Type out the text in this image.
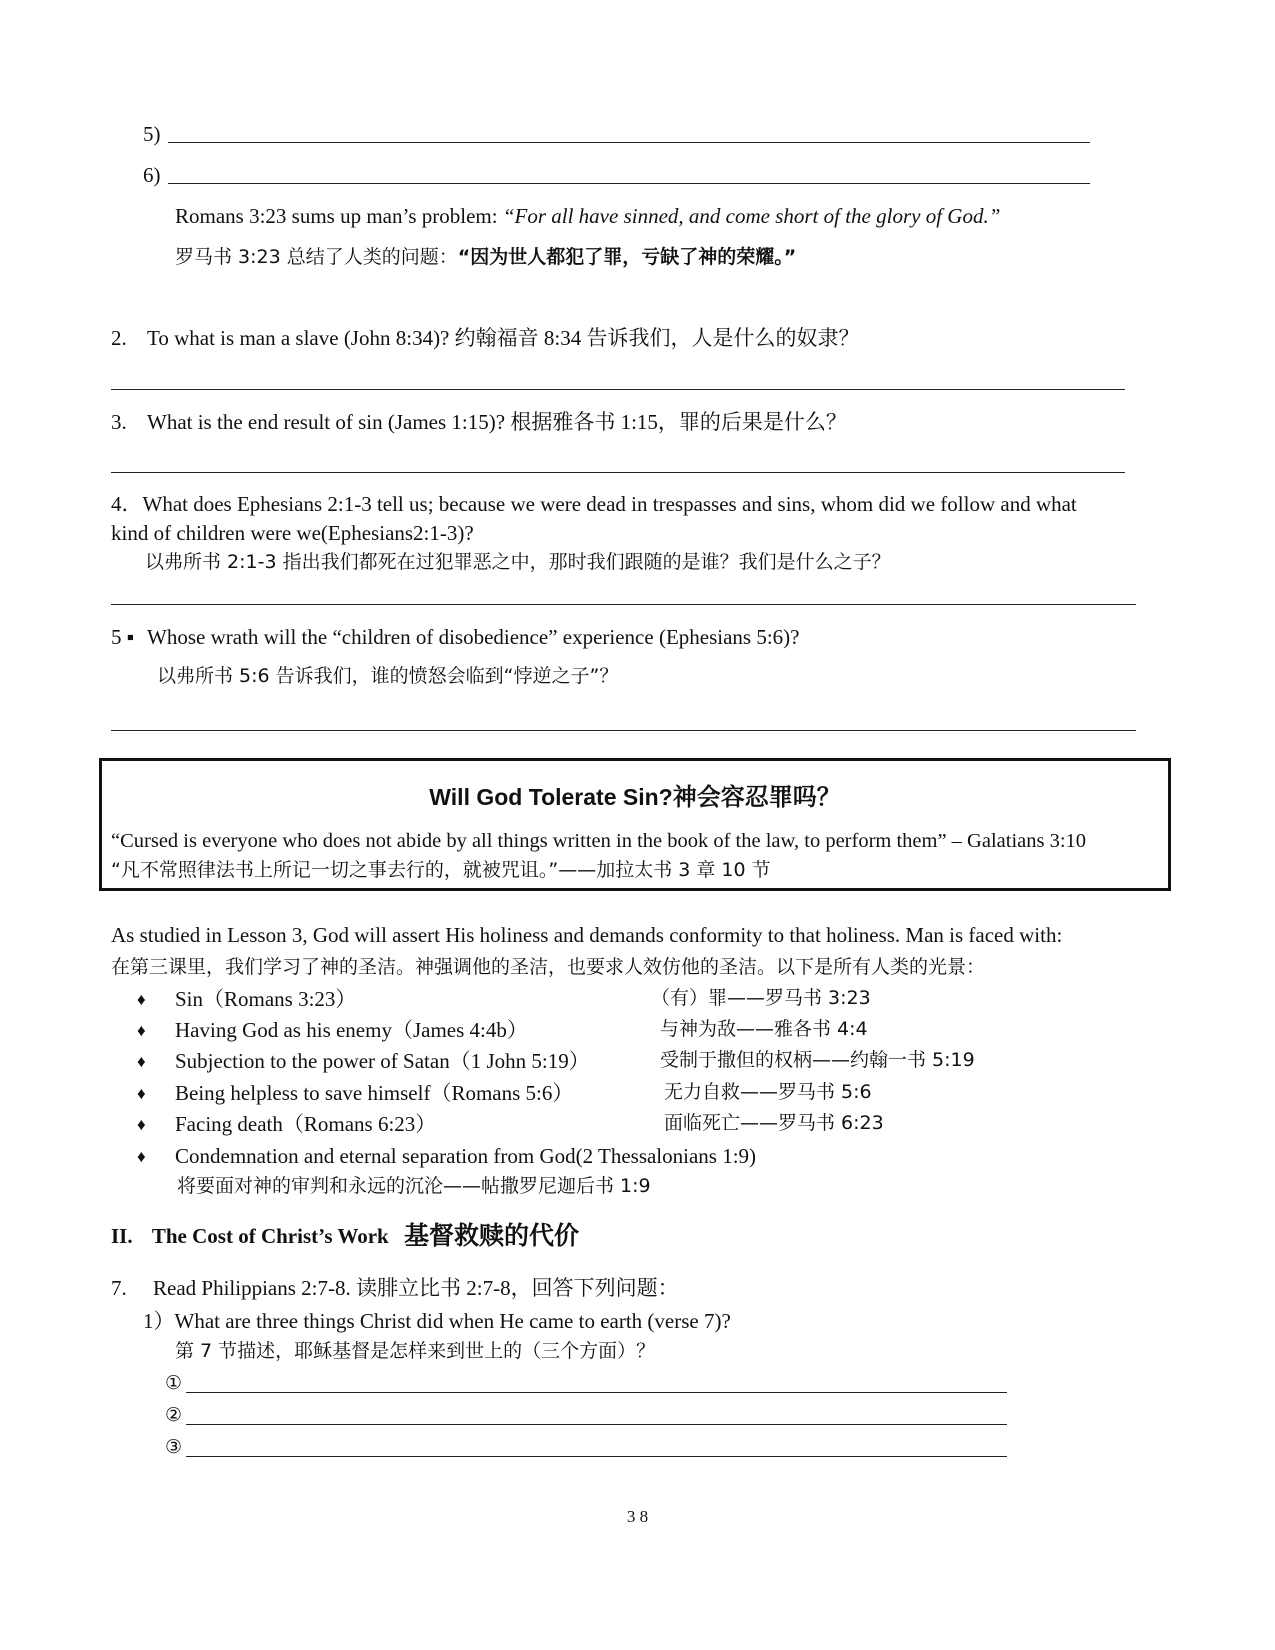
5)
6)
Romans 3:23 sums up man’s problem: “For all have sinned, and come short of the glory of God.”
罗马书 3:23 总结了人类的问题：“因为世人都犯了罪，亏缺了神的荣耀。”
2. To what is man a slave (John 8:34)? 约翰福音 8:34 告诉我们，人是什么的奴隶？
3. What is the end result of sin (James 1:15)? 根据雅各书 1:15，罪的后果是什么？
4．What does Ephesians 2:1-3 tell us; because we were dead in trespasses and sins, whom did we follow and what
kind of children were we(Ephesians2:1-3)?
以弗所书 2:1-3 指出我们都死在过犯罪恶之中，那时我们跟随的是谁？我们是什么之子？
5 ▪ Whose wrath will the “children of disobedience” experience (Ephesians 5:6)?
以弗所书 5:6 告诉我们，谁的愤怒会临到“悖逆之子”？
Will God Tolerate Sin?神会容忍罪吗？
“Cursed is everyone who does not abide by all things written in the book of the law, to perform them” – Galatians 3:10
“凡不常照律法书上所记一切之事去行的，就被咒诅。”——加拉太书 3 章 10 节
As studied in Lesson 3, God will assert His holiness and demands conformity to that holiness. Man is faced with:
在第三课里，我们学习了神的圣洁。神强调他的圣洁，也要求人效仿他的圣洁。以下是所有人类的光景：
♦ Sin（Romans 3:23）	（有）罪——罗马书 3:23
♦ Having God as his enemy（James 4:4b）	与神为敌——雅各书 4:4
♦ Subjection to the power of Satan（1 John 5:19）	受制于撒但的权柄——约翰一书 5:19
♦ Being helpless to save himself（Romans 5:6）	无力自救——罗马书 5:6
♦ Facing death（Romans 6:23）	面临死亡——罗马书 6:23
♦ Condemnation and eternal separation from God(2 Thessalonians 1:9)
将要面对神的审判和永远的沉沦——帖撒罗尼迦后书 1:9
II. The Cost of Christ’s Work 基督救赎的代价
7. Read Philippians 2:7-8. 读腓立比书 2:7-8，回答下列问题：
1）What are three things Christ did when He came to earth (verse 7)?
第 7 节描述，耶稣基督是怎样来到世上的（三个方面）？
①
②
③
3 8
